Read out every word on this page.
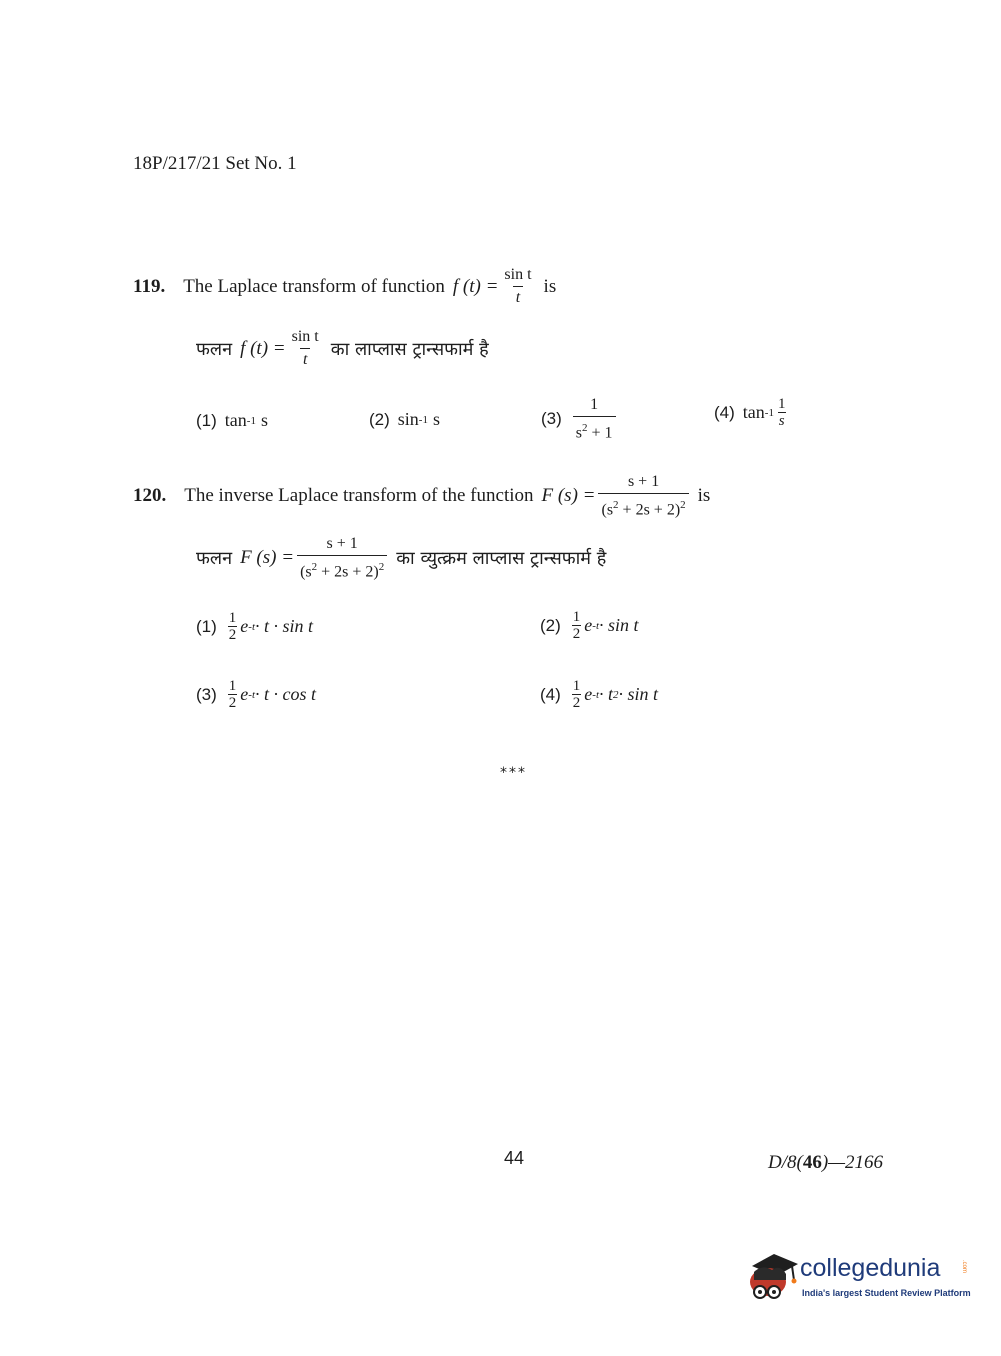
18P/217/21 Set No. 1
119. The Laplace transform of function f $(t) = \frac{\text{sin t}}{t}$ is
फलन f $(t) = \frac{\text{sin t}}{t}$ का लाप्लास ट्रान्सफार्म है
(1) tan -1 s	(2) sin -1 s	$(3) \frac{1}{s^2 + 1}$	(4) $\tan -1 \frac{1}{s}$
120. The inverse Laplace transform of the function F $(s) = \frac{s + 1}{(s^2 + 2s + 2)^2}$ is
फलन F $(s) = \frac{s + 1}{(s^2 + 2s + 2)^2}$ का व्युत्क्रम लाप्लास ट्रान्सफार्म है
$(1) \frac{1}{2}$ e -t · t · sin t	$(2) \frac{1}{2}$ e -t · sin t
$(3) \frac{1}{2}$ e -t · t · cos t	$(4) \frac{1}{2}$ e -t · t 2 · sin t
***
44	D/8(46)—2166
collegedunia	.com
India's largest Student Review Platform
